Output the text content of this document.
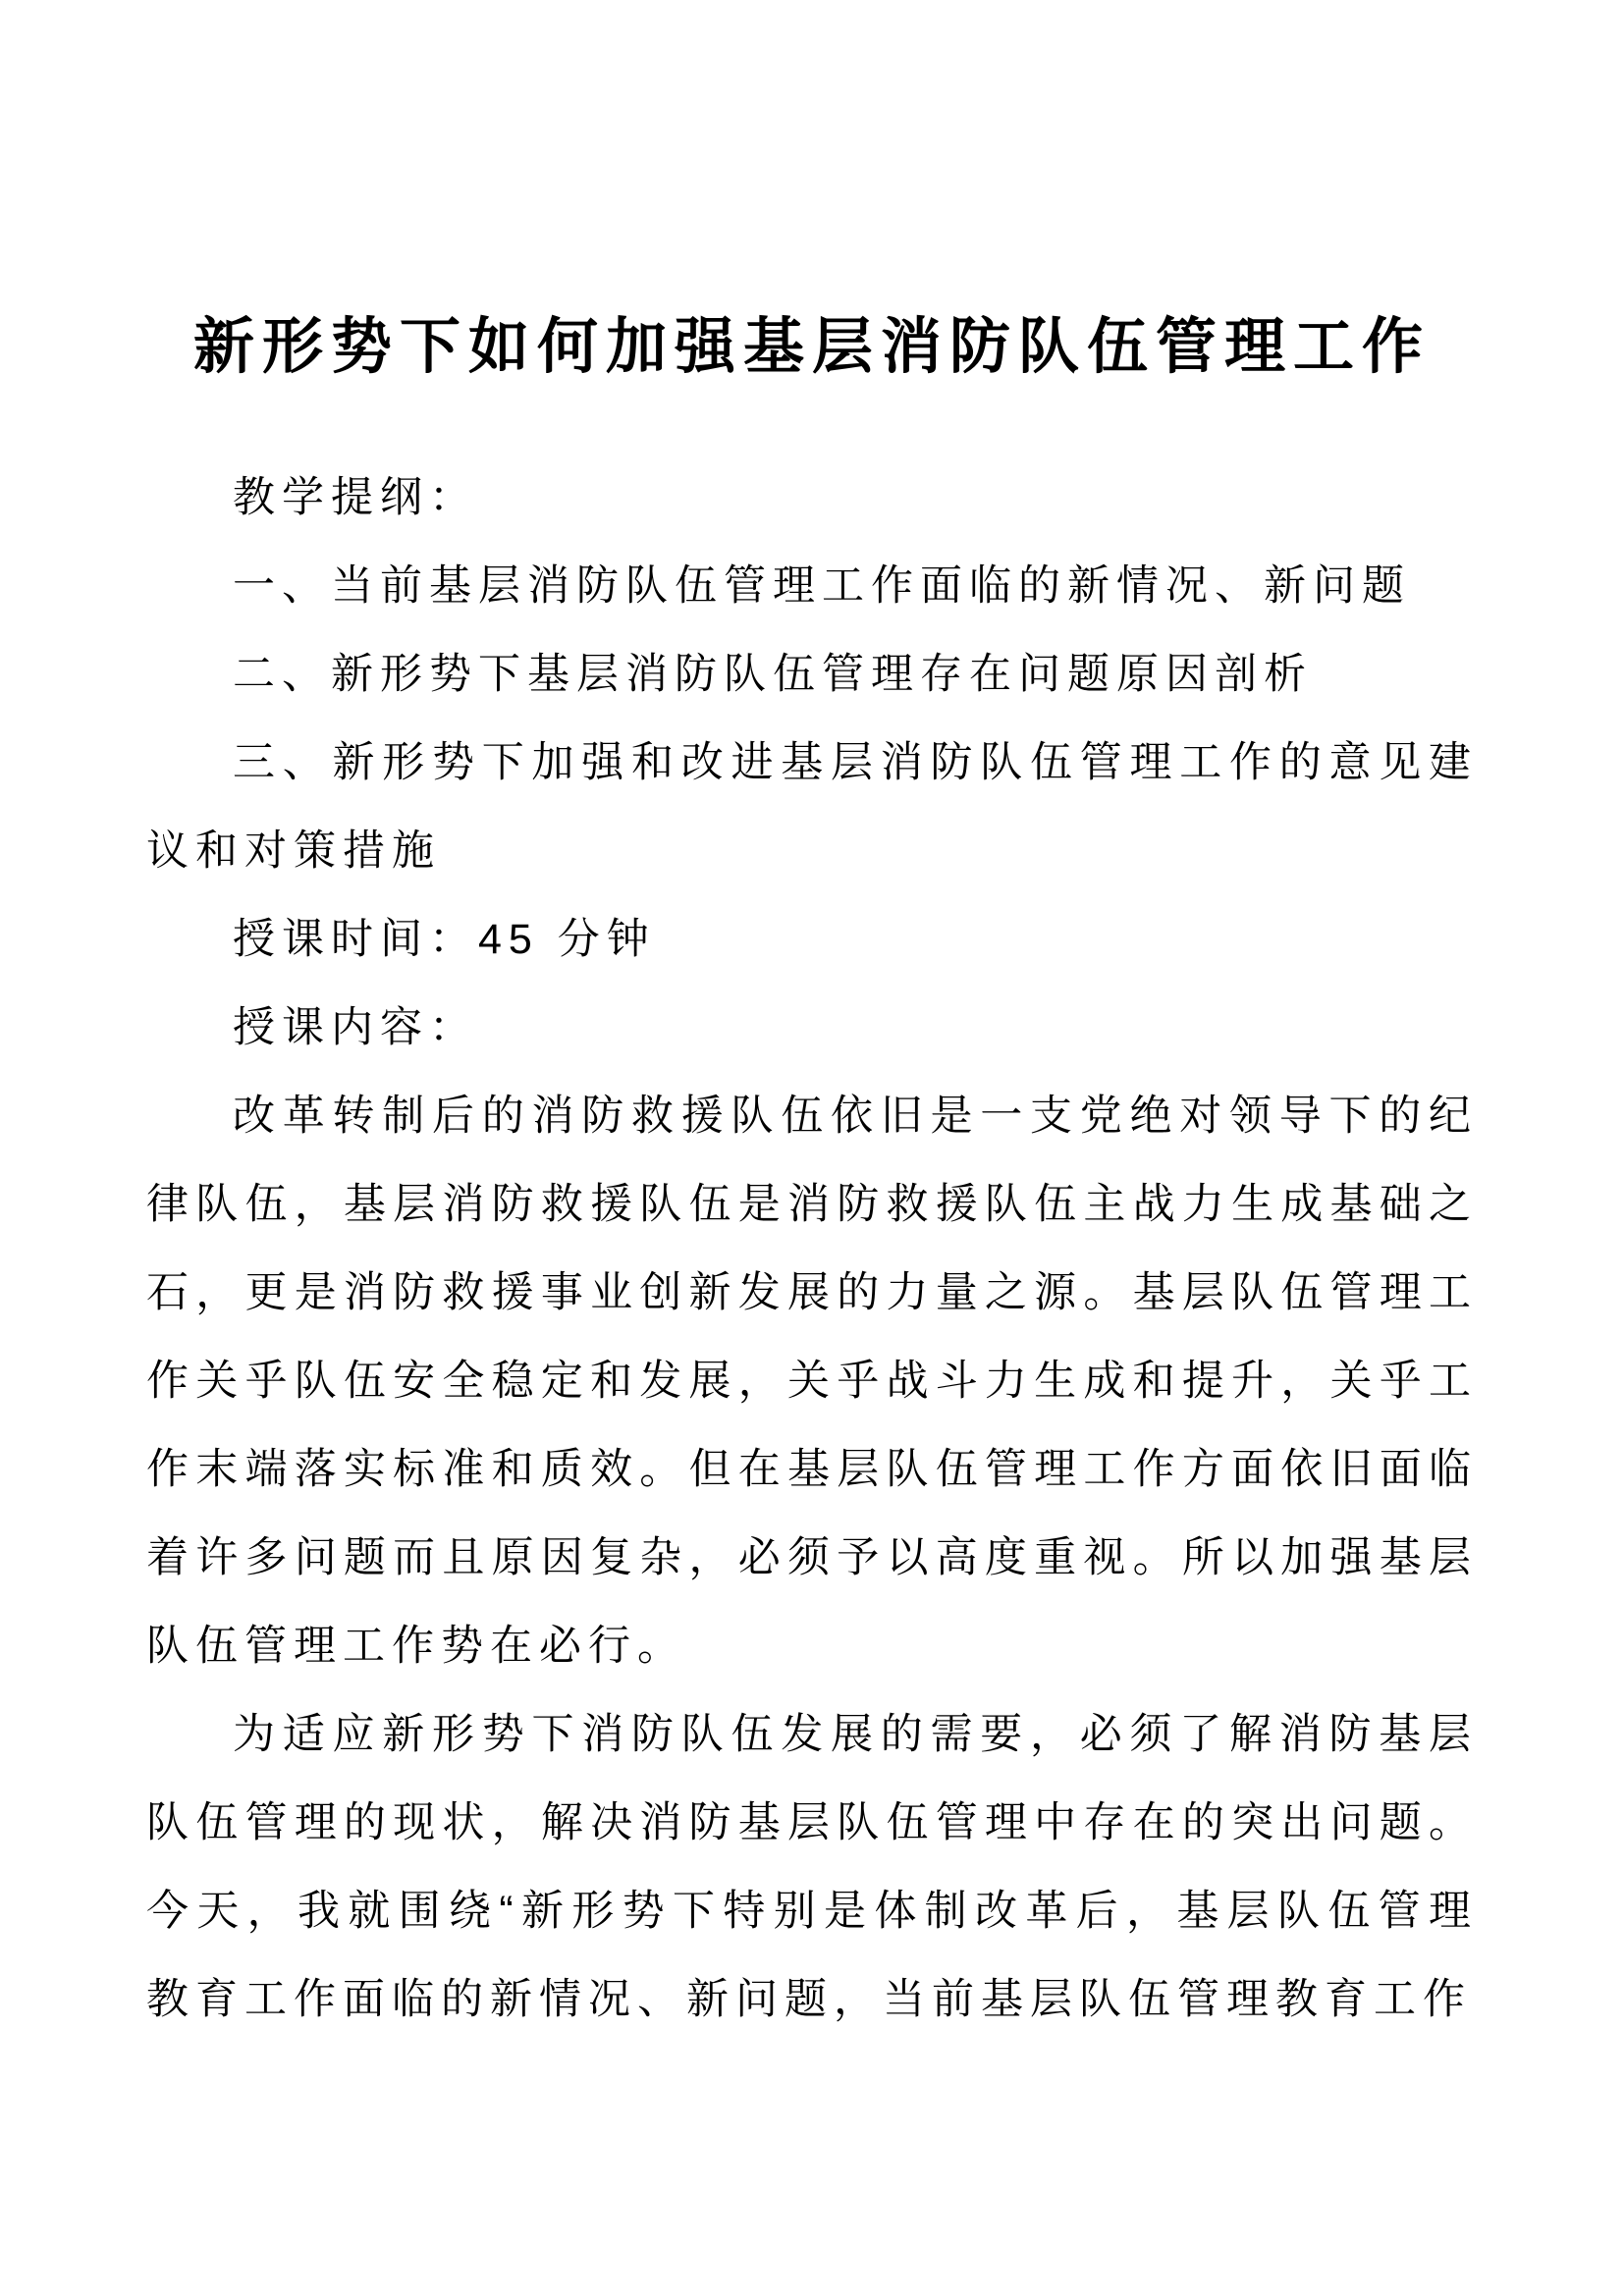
新形势下如何加强基层消防队伍管理工作

教学提纲：

一、当前基层消防队伍管理工作面临的新情况、新问题

二、新形势下基层消防队伍管理存在问题原因剖析

三、新形势下加强和改进基层消防队伍管理工作的意见建议和对策措施

授课时间：45 分钟

授课内容：

改革转制后的消防救援队伍依旧是一支党绝对领导下的纪律队伍，基层消防救援队伍是消防救援队伍主战力生成基础之石，更是消防救援事业创新发展的力量之源。基层队伍管理工作关乎队伍安全稳定和发展，关乎战斗力生成和提升，关乎工作末端落实标准和质效。但在基层队伍管理工作方面依旧面临着许多问题而且原因复杂，必须予以高度重视。所以加强基层队伍管理工作势在必行。

为适应新形势下消防队伍发展的需要，必须了解消防基层队伍管理的现状，解决消防基层队伍管理中存在的突出问题。今天，我就围绕“新形势下特别是体制改革后，基层队伍管理教育工作面临的新情况、新问题，当前基层队伍管理教育工作
